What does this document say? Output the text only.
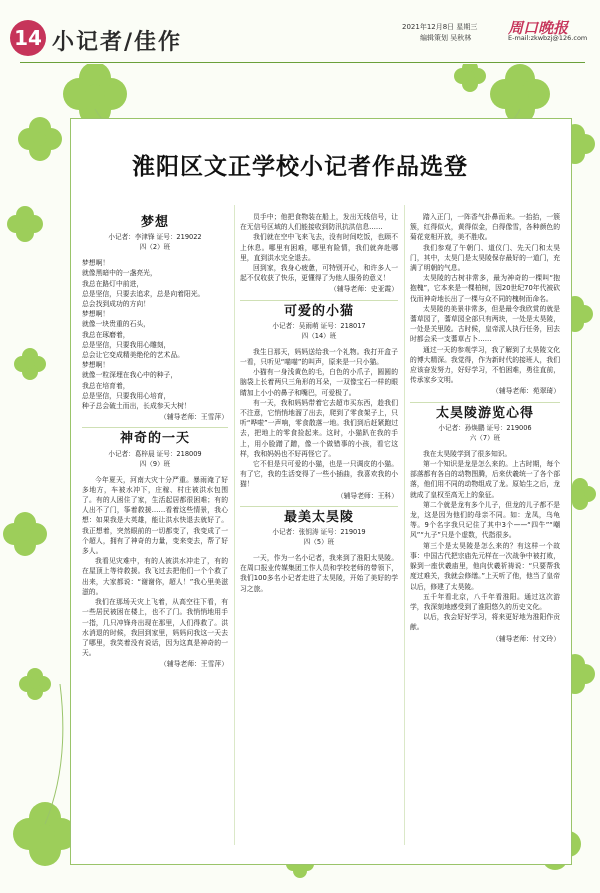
14 小记者/佳作
2021年12月8日 星期三
编辑策划 吴秋林
周口晚报
E-mail:zkwbzj@126.com
淮阳区文正学校小记者作品选登
梦想
小记者：李津锋 证号：219022
四（2）班

梦想啊！

就像黑暗中的一盏亮光，

我总在路灯中前进，

总是坚信，只要去追求，总是向着阳光。

总会找到成功的方向！

梦想啊！

就像一块贵重的石头，

我总在琢磨着，

总是坚信，只要我用心雕刻，

总会让它变成精美绝伦的艺术品。

梦想啊！

就像一粒深埋在我心中的种子，

我总在培育着，

总是坚信，只要我用心培育，

种子总会破土而出，长成参天大树！

（辅导老师：王雪萍）
神奇的一天
小记者：葛梓晨 证号：218009
四（9）班

今年夏天，河南大灾十分严重。暴雨淹了好多地方，车被水冲下，庄稼、村庄被洪水包围了。有的人困住了家，生活起居都很困难；有的人出不了门，筝着救援……看着这些情景，我心想：如果我是大英雄，能让洪水快退去就好了。我正想着，突然眼前的一切都变了，我变成了一个超人，拥有了神奇的力量，变来变去，帮了好多人。

我看见灾难中，有的人被洪水冲走了，有的在屋顶上等待救援。我飞过去把他们一个个救了出来，大家都说：“谢谢你，超人！”我心里美滋滋的。

我们在那场天灾上飞着，从高空往下看，有一些居民被困在楼上，也不了门。我悄悄地用手一指，几只冲锋舟出现在那里，人们得救了。洪水消退的时候，我回到家里，妈妈问我这一天去了哪里，我笑着没有说话，因为这真是神奇的一天。

（辅导老师：王雪萍）

员手中；他把食物装在船上，发出无线信号，让在无信号区域的人们能接收到防汛抗洪信息……

我们就在空中飞来飞去，没有时间吃饭，也顾不上休息。哪里有困难，哪里有险情，我们就奔赴哪里，直到洪水完全退去。

回到家，我身心疲惫，可特别开心，和许多人一起不仅收获了快乐，更懂得了为他人服务的意义！

（辅导老师：史亚霞）
可爱的小猫
小记者：吴雨萌 证号：218017
四（14）班

我生日那天，妈妈送给我一个礼物。我打开盒子一看，只听见“喵喵”的叫声，原来是一只小猫。

小猫有一身浅黄色的毛，白色的小爪子，圆圆的脑袋上长着两只三角形的耳朵，一双像宝石一样的眼睛加上小小的鼻子和嘴巴，可爱极了。

有一天，我和妈妈带着它去超市买东西，趁我们不注意，它悄悄地溜了出去，爬到了零食架子上，只听“哗啦”一声响，零食散落一地。我们到后赶紧跑过去，把地上的零食捡起来。这时，小猫趴在我的手上，用小脸蹭了蹭，像一个做错事的小孩，看它这样，我和妈妈也不好再怪它了。

它不但是只可爱的小猫，也是一只调皮的小猫。有了它，我的生活变得了一些小插曲，我喜欢我的小猫！

（辅导老师：王科）
最美太昊陵
小记者：张钥涛 证号：219019
四（5）班

一天，作为一名小记者，我来到了淮阳太昊陵。在周口报业传媒集团工作人员和学校老师的带领下，我们100多名小记者走进了太昊陵，开始了美好的学习之旅。

踏入正门，一阵香气扑鼻而来。一抬抬，一簇簇，红得似火，黄得似金，白得像雪，各种颜色的菊花竞相开放，美不胜收。

我们参观了午朝门、道仪门、先天门和太昊门，其中，太昊门是太昊陵保存最好的一道门，充满了明朝的气息。

太昊陵的古树非常多，最为神奇的一棵叫“抱抱槐”，它本来是一棵柏树，因20世纪70年代被砍伐而神奇地长出了一棵与众不同的槐树而命名。

太昊陵的美景非常多，但是最令我欣赏的就是蓍草园了，蓍草园全部只有两块，一处是太昊陵，一处是关里陵。古时候，皇帝派人执行任务，回去时都会采一支蓍草占卜……

通过一天的参观学习，我了解到了太昊陵文化的博大精深。我觉得，作为新时代的接班人，我们应该奋发努力，好好学习，不怕困难，勇往直前，传承家乡文明。

（辅导老师：苑翠琦）
太昊陵游览心得
小记者：孙焕鹏 证号：219006
六（7）班

我在太昊陵学到了很多知识。

第一个知识是龙是怎么来的。上古时期，每个部落都有各自的动物图腾，后来伏羲统一了各个部落，他们用不同的动物组成了龙。原始生之后，龙就成了皇权至高无上的象征。

第二个就是龙有多个儿子，但龙的儿子都不是龙，这是因为他们的母亲不同。如：龙凤，乌龟等。9个名字我只记住了其中3个——“四牛”“嘲风”“九子”只是个虚数，代指很多。

第三个是太昊陵是怎么来的？有这样一个故事：中国古代把宗庙先元样在一次战争中被打败，躲到一座伏羲庙里，他向伏羲祈祷说：“只要帮我度过难关，我就会修缮。”上天听了他，他当了皇帝以后，修建了太昊陵。

五千年看北京，八千年看淮阳。通过这次游学，我深刻地感受到了淮阳悠久的历史文化。

以后，我会好好学习，将来更好地为淮阳作贡献。

（辅导老师：付文玲）
